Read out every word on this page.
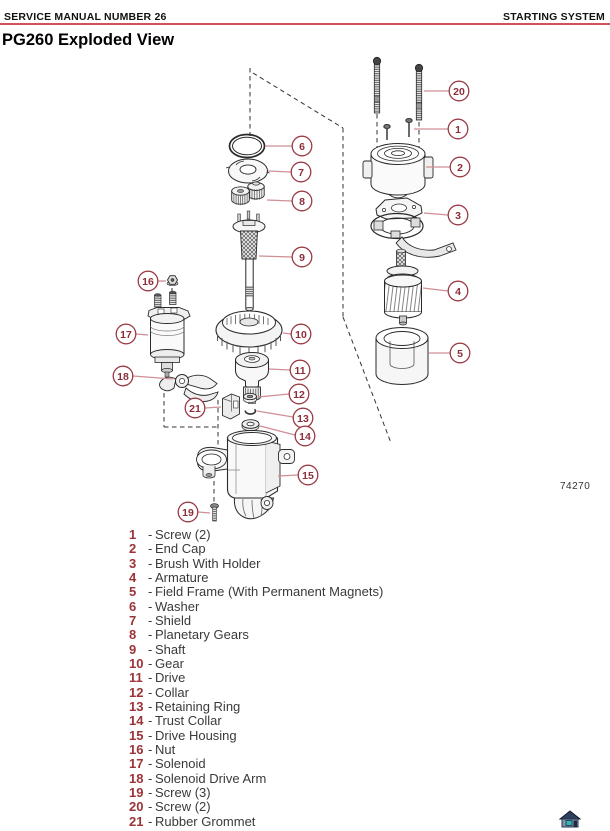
SERVICE MANUAL NUMBER 26	STARTING SYSTEM
PG260 Exploded View
1
2
3
4
5
6
7
8
9
10
11
12
13
14
15
16
17
18
19
20
21
74270
1 - Screw (2)
2 - End Cap
3 - Brush With Holder
4 - Armature
5 - Field Frame (With Permanent Magnets)
6 - Washer
7 - Shield
8 - Planetary Gears
9 - Shaft
10 - Gear
11 - Drive
12 - Collar
13 - Retaining Ring
14 - Trust Collar
15 - Drive Housing
16 - Nut
17 - Solenoid
18 - Solenoid Drive Arm
19 - Screw (3)
20 - Screw (2)
21 - Rubber Grommet
